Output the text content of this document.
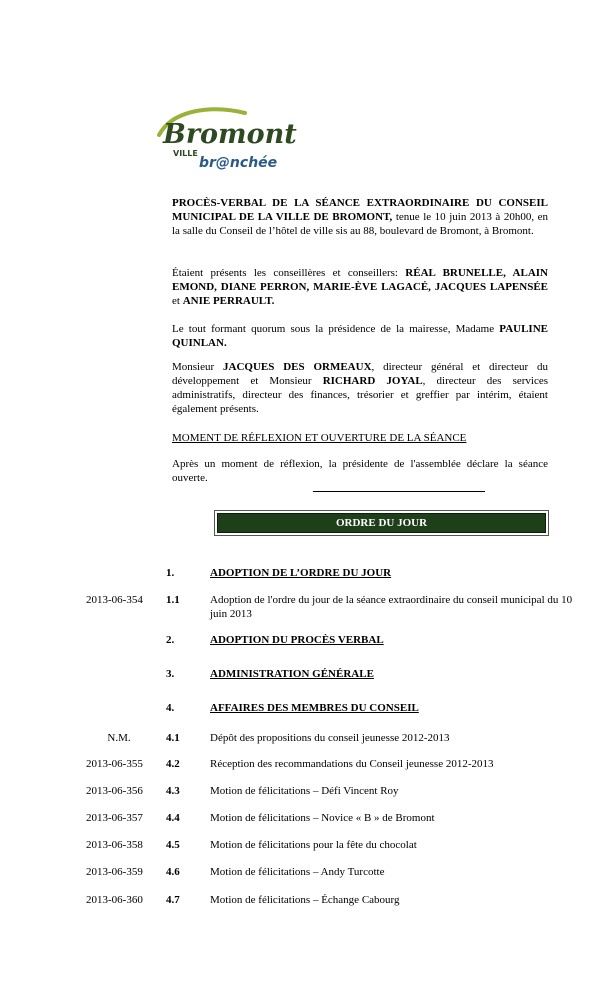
Bromont
VILLE
br@nchée

PROCÈS-VERBAL DE LA SÉANCE EXTRAORDINAIRE DU CONSEIL MUNICIPAL DE LA VILLE DE BROMONT, tenue le 10 juin 2013 à 20h00, en la salle du Conseil de l’hôtel de ville sis au 88, boulevard de Bromont, à Bromont.

Étaient présents les conseillères et conseillers: RÉAL BRUNELLE, ALAIN EMOND, DIANE PERRON, MARIE-ÈVE LAGACÉ, JACQUES LAPENSÉE et ANIE PERRAULT.

Le tout formant quorum sous la présidence de la mairesse, Madame PAULINE QUINLAN.

Monsieur JACQUES DES ORMEAUX, directeur général et directeur du développement et Monsieur RICHARD JOYAL, directeur des services administratifs, directeur des finances, trésorier et greffier par intérim, étaient également présents.

MOMENT DE RÉFLEXION ET OUVERTURE DE LA SÉANCE

Après un moment de réflexion, la présidente de l'assemblée déclare la séance ouverte.

ORDRE DU JOUR
1.	ADOPTION DE L’ORDRE DU JOUR
2013-06-354	1.1	Adoption de l'ordre du jour de la séance extraordinaire du conseil municipal du 10 juin 2013
2.	ADOPTION DU PROCÈS VERBAL
3.	ADMINISTRATION GÉNÉRALE
4.	AFFAIRES DES MEMBRES DU CONSEIL
N.M.	4.1	Dépôt des propositions du conseil jeunesse 2012-2013
2013-06-355	4.2	Réception des recommandations du Conseil jeunesse 2012-2013
2013-06-356	4.3	Motion de félicitations – Défi Vincent Roy
2013-06-357	4.4	Motion de félicitations – Novice « B » de Bromont
2013-06-358	4.5	Motion de félicitations pour la fête du chocolat
2013-06-359	4.6	Motion de félicitations – Andy Turcotte
2013-06-360	4.7	Motion de félicitations – Échange Cabourg
